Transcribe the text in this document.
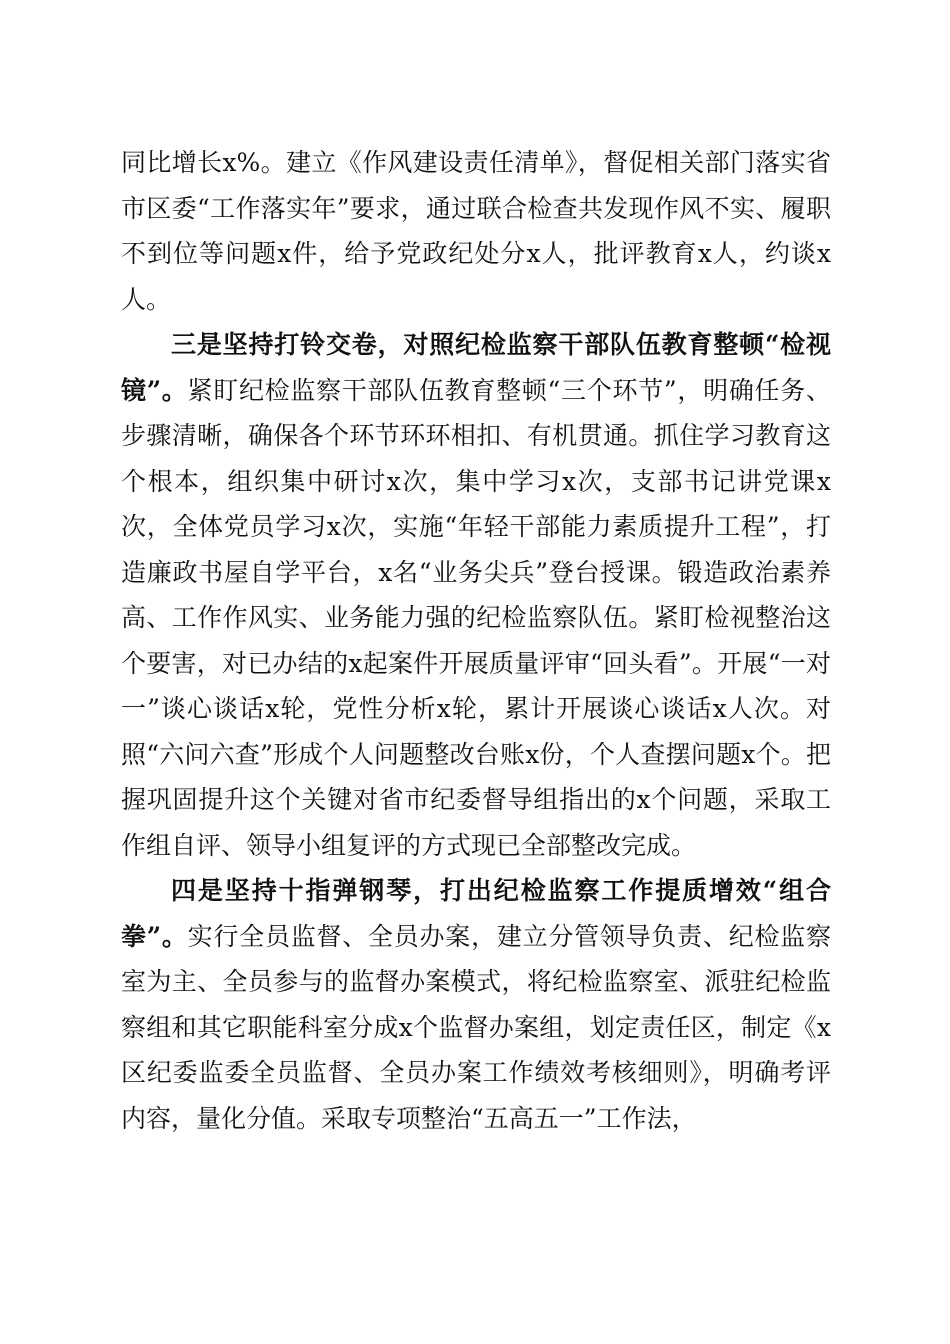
同比增长x%。建立《作风建设责任清单》，督促相关部门落实省市区委“工作落实年”要求，通过联合检查共发现作风不实、履职不到位等问题x件，给予党政纪处分x人，批评教育x人，约谈x人。

三是坚持打铃交卷，对照纪检监察干部队伍教育整顿“检视镜”。紧盯纪检监察干部队伍教育整顿“三个环节”，明确任务、步骤清晰，确保各个环节环环相扣、有机贯通。抓住学习教育这个根本，组织集中研讨x次，集中学习x次，支部书记讲党课x次，全体党员学习x次，实施“年轻干部能力素质提升工程”，打造廉政书屋自学平台，x名“业务尖兵”登台授课。锻造政治素养高、工作作风实、业务能力强的纪检监察队伍。紧盯检视整治这个要害，对已办结的x起案件开展质量评审“回头看”。开展“一对一”谈心谈话x轮，党性分析x轮，累计开展谈心谈话x人次。对照“六问六查”形成个人问题整改台账x份，个人查摆问题x个。把握巩固提升这个关键对省市纪委督导组指出的x个问题，采取工作组自评、领导小组复评的方式现已全部整改完成。

四是坚持十指弹钢琴，打出纪检监察工作提质增效“组合拳”。实行全员监督、全员办案，建立分管领导负责、纪检监察室为主、全员参与的监督办案模式，将纪检监察室、派驻纪检监察组和其它职能科室分成x个监督办案组，划定责任区，制定《x区纪委监委全员监督、全员办案工作绩效考核细则》，明确考评内容，量化分值。采取专项整治“五高五一”工作法，
